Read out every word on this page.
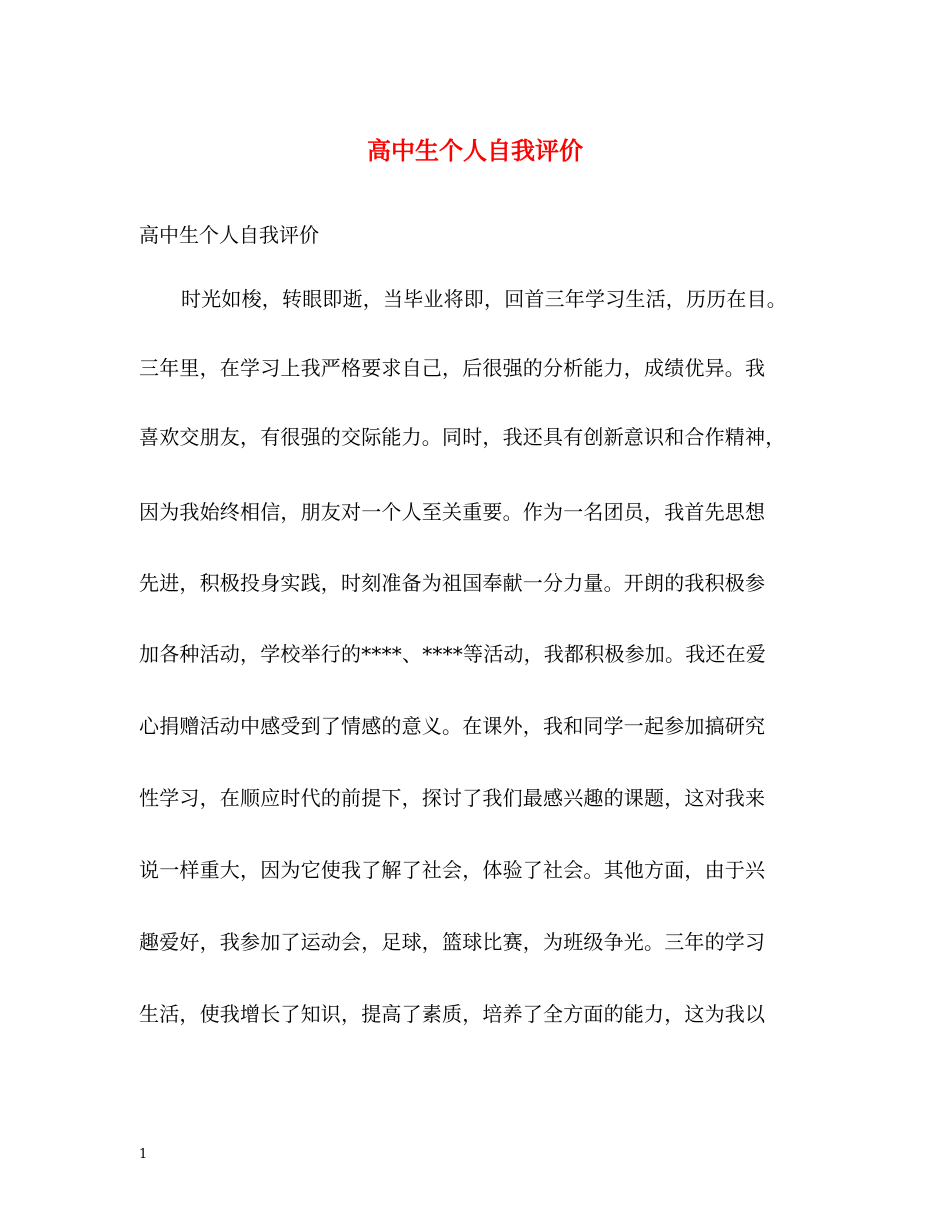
高中生个人自我评价
高中生个人自我评价
时光如梭，转眼即逝，当毕业将即，回首三年学习生活，历历在目。
三年里，在学习上我严格要求自己，后很强的分析能力，成绩优异。我
喜欢交朋友，有很强的交际能力。同时，我还具有创新意识和合作精神，
因为我始终相信，朋友对一个人至关重要。作为一名团员，我首先思想
先进，积极投身实践，时刻准备为祖国奉献一分力量。开朗的我积极参
加各种活动，学校举行的****、****等活动，我都积极参加。我还在爱
心捐赠活动中感受到了情感的意义。在课外，我和同学一起参加搞研究
性学习，在顺应时代的前提下，探讨了我们最感兴趣的课题，这对我来
说一样重大，因为它使我了解了社会，体验了社会。其他方面，由于兴
趣爱好，我参加了运动会，足球，篮球比赛，为班级争光。三年的学习
生活，使我增长了知识，提高了素质，培养了全方面的能力，这为我以
1
